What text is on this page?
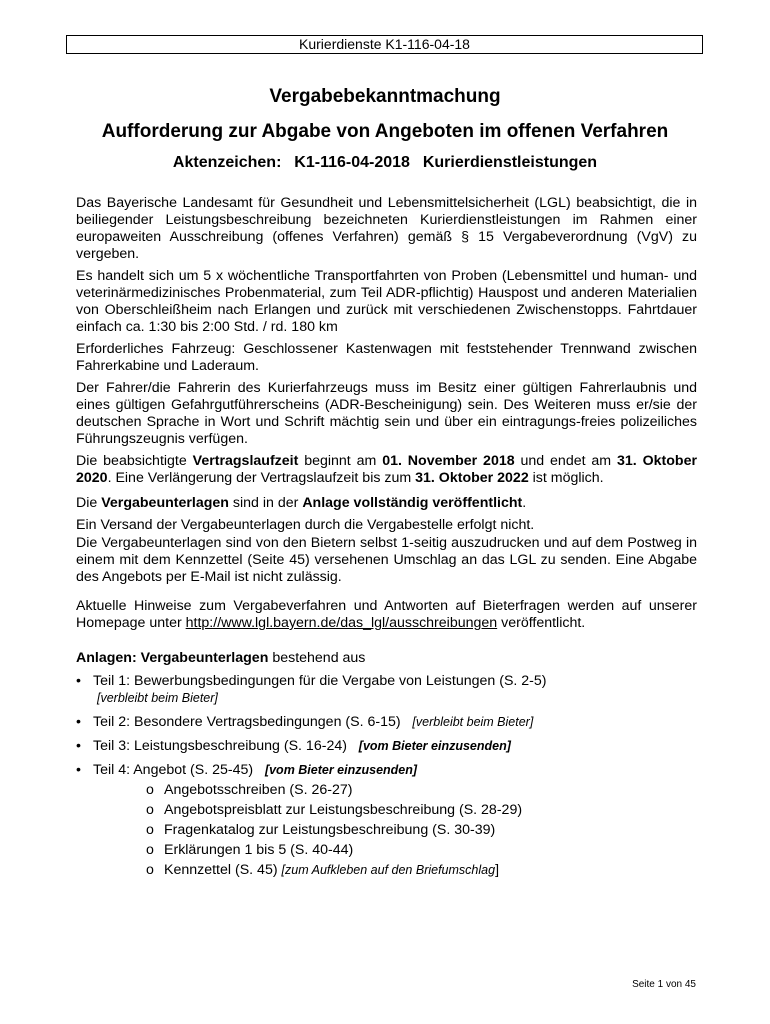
Kurierdienste K1-116-04-18
Vergabebekanntmachung
Aufforderung zur Abgabe von Angeboten im offenen Verfahren
Aktenzeichen:  K1-116-04-2018  Kurierdienstleistungen

Das Bayerische Landesamt für Gesundheit und Lebensmittelsicherheit (LGL) beabsichtigt, die in beiliegender Leistungsbeschreibung bezeichneten Kurierdienstleistungen im Rahmen einer europaweiten Ausschreibung (offenes Verfahren) gemäß § 15 Vergabeverordnung (VgV) zu vergeben.

Es handelt sich um 5 x wöchentliche Transportfahrten von Proben (Lebensmittel und human- und veterinärmedizinisches Probenmaterial, zum Teil ADR-pflichtig) Hauspost und anderen Materialien von Oberschleißheim nach Erlangen und zurück mit verschiedenen Zwischenstopps. Fahrtdauer einfach ca. 1:30 bis 2:00 Std. / rd. 180 km

Erforderliches Fahrzeug: Geschlossener Kastenwagen mit feststehender Trennwand zwischen Fahrerkabine und Laderaum.

Der Fahrer/die Fahrerin des Kurierfahrzeugs muss im Besitz einer gültigen Fahrerlaubnis und eines gültigen Gefahrgutführerscheins (ADR-Bescheinigung) sein. Des Weiteren muss er/sie der deutschen Sprache in Wort und Schrift mächtig sein und über ein eintragungs-freies polizeiliches Führungszeugnis verfügen.

Die beabsichtigte Vertragslaufzeit beginnt am 01. November 2018 und endet am 31. Oktober 2020. Eine Verlängerung der Vertragslaufzeit bis zum 31. Oktober 2022 ist möglich.

Die Vergabeunterlagen sind in der Anlage vollständig veröffentlicht.

Ein Versand der Vergabeunterlagen durch die Vergabestelle erfolgt nicht.

Die Vergabeunterlagen sind von den Bietern selbst 1-seitig auszudrucken und auf dem Postweg in einem mit dem Kennzettel (Seite 45) versehenen Umschlag an das LGL zu senden. Eine Abgabe des Angebots per E-Mail ist nicht zulässig.

Aktuelle Hinweise zum Vergabeverfahren und Antworten auf Bieterfragen werden auf unserer Homepage unter http://www.lgl.bayern.de/das_lgl/ausschreibungen veröffentlicht.

Anlagen: Vergabeunterlagen bestehend aus
• Teil 1: Bewerbungsbedingungen für die Vergabe von Leistungen (S. 2-5)
[verbleibt beim Bieter]
• Teil 2: Besondere Vertragsbedingungen (S. 6-15) [verbleibt beim Bieter]
• Teil 3: Leistungsbeschreibung (S. 16-24) [vom Bieter einzusenden]
• Teil 4: Angebot (S. 25-45) [vom Bieter einzusenden]
o Angebotsschreiben (S. 26-27)
o Angebotspreisblatt zur Leistungsbeschreibung (S. 28-29)
o Fragenkatalog zur Leistungsbeschreibung (S. 30-39)
o Erklärungen 1 bis 5 (S. 40-44)
o Kennzettel (S. 45) [zum Aufkleben auf den Briefumschlag]
Seite 1 von 45
